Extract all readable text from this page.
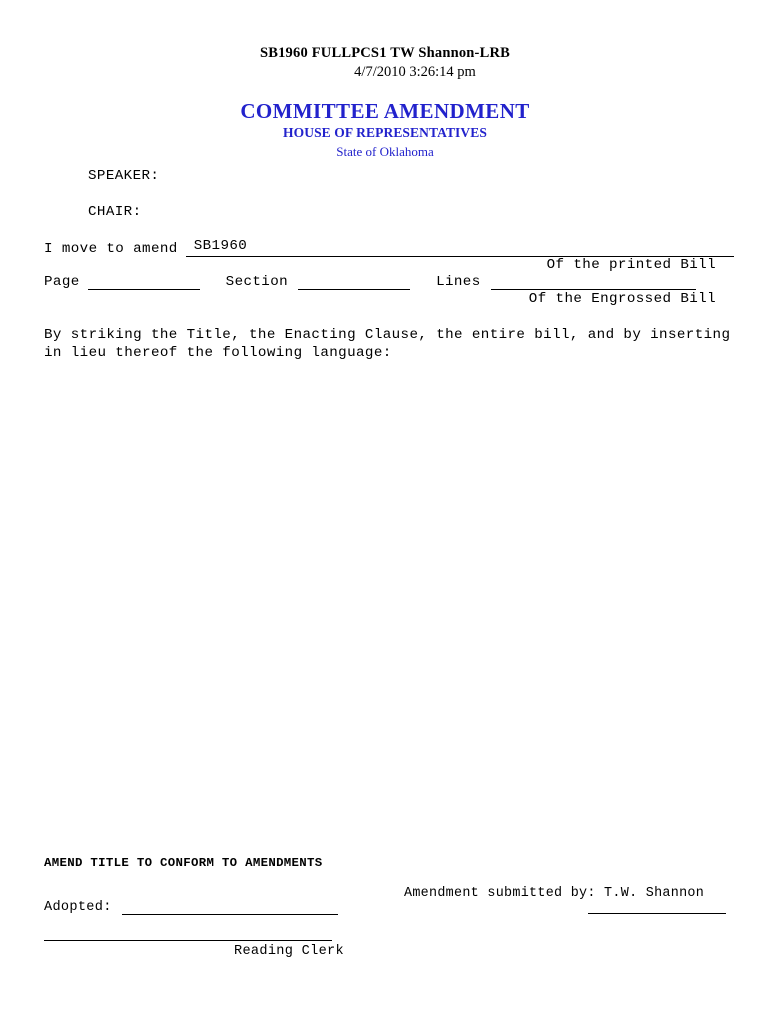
SB1960 FULLPCS1 TW Shannon-LRB
4/7/2010 3:26:14 pm
COMMITTEE AMENDMENT
HOUSE OF REPRESENTATIVES
State of Oklahoma
SPEAKER:
CHAIR:
I move to amend	SB1960
Of the printed Bill
Page	Section	Lines
Of the Engrossed Bill
By striking the Title, the Enacting Clause, the entire bill, and by inserting in lieu thereof the following language:
AMEND TITLE TO CONFORM TO AMENDMENTS
Amendment submitted by: T.W. Shannon
Adopted:
Reading Clerk
